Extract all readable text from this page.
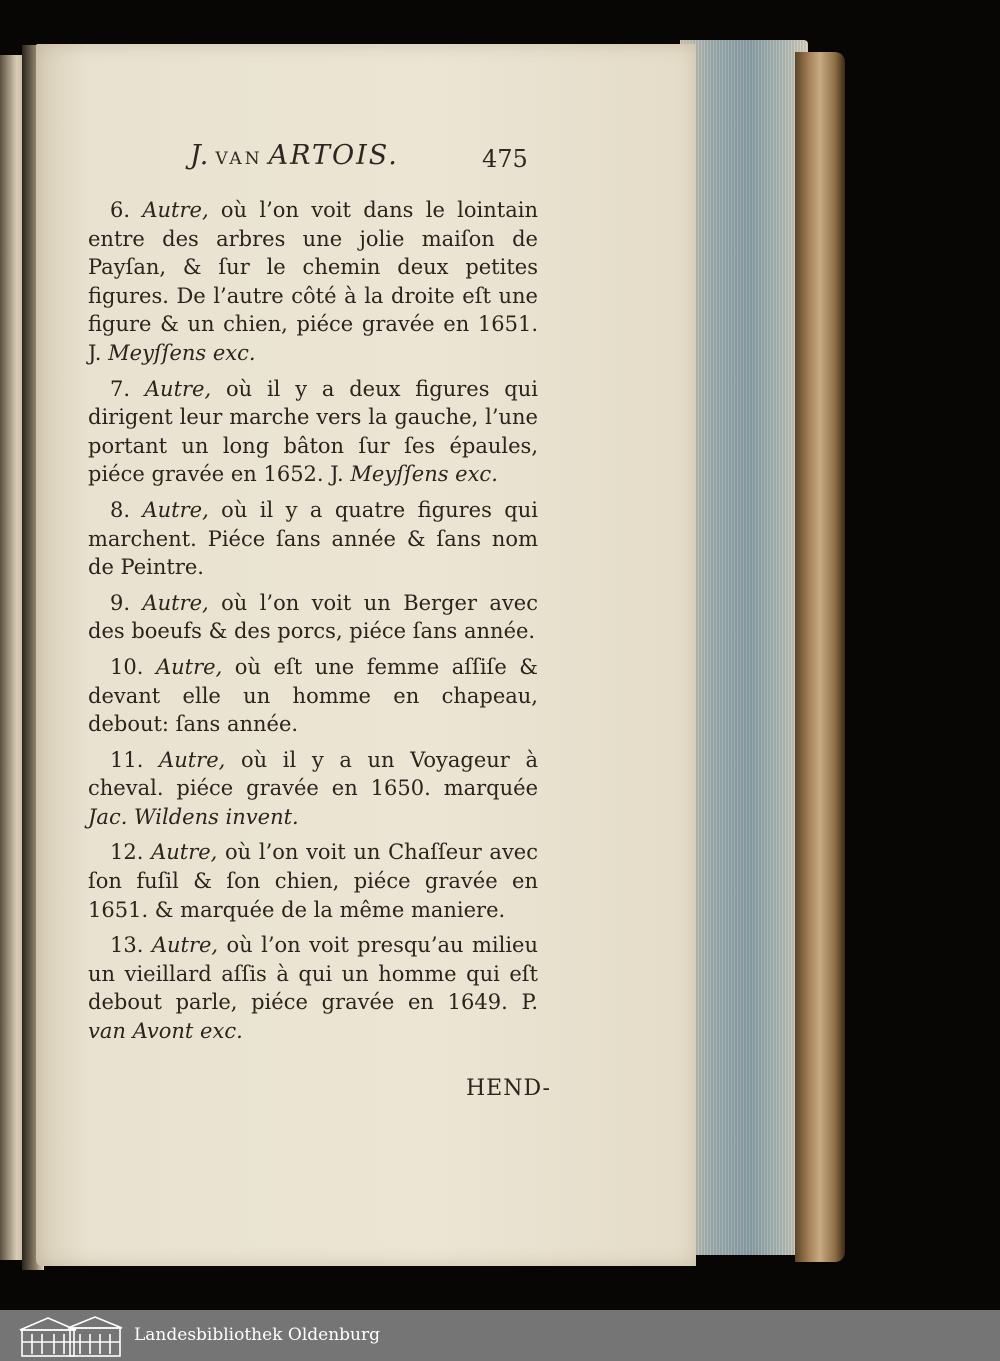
J. VAN ARTOIS.	475

6. Autre, où l’on voit dans le lointain entre des arbres une jolie maiſon de Payſan, & ſur le chemin deux petites figures. De l’autre côté à la droite eſt une figure & un chien, piéce gravée en 1651. J. Meyſſens exc.

7. Autre, où il y a deux figures qui dirigent leur marche vers la gauche, l’une portant un long bâton ſur ſes épaules, piéce gravée en 1652. J. Meyſſens exc.

8. Autre, où il y a quatre figures qui marchent. Piéce ſans année & ſans nom de Peintre.

9. Autre, où l’on voit un Berger avec des boeufs & des porcs, piéce ſans année.

10. Autre, où eſt une femme aſſiſe & devant elle un homme en chapeau, debout: ſans année.

11. Autre, où il y a un Voyageur à cheval. piéce gravée en 1650. marquée Jac. Wildens invent.

12. Autre, où l’on voit un Chaſſeur avec ſon fuſil & ſon chien, piéce gravée en 1651. & marquée de la même maniere.

13. Autre, où l’on voit presqu’au milieu un vieillard aſſis à qui un homme qui eſt debout parle, piéce gravée en 1649. P. van Avont exc.

HEND-
Landesbibliothek Oldenburg
